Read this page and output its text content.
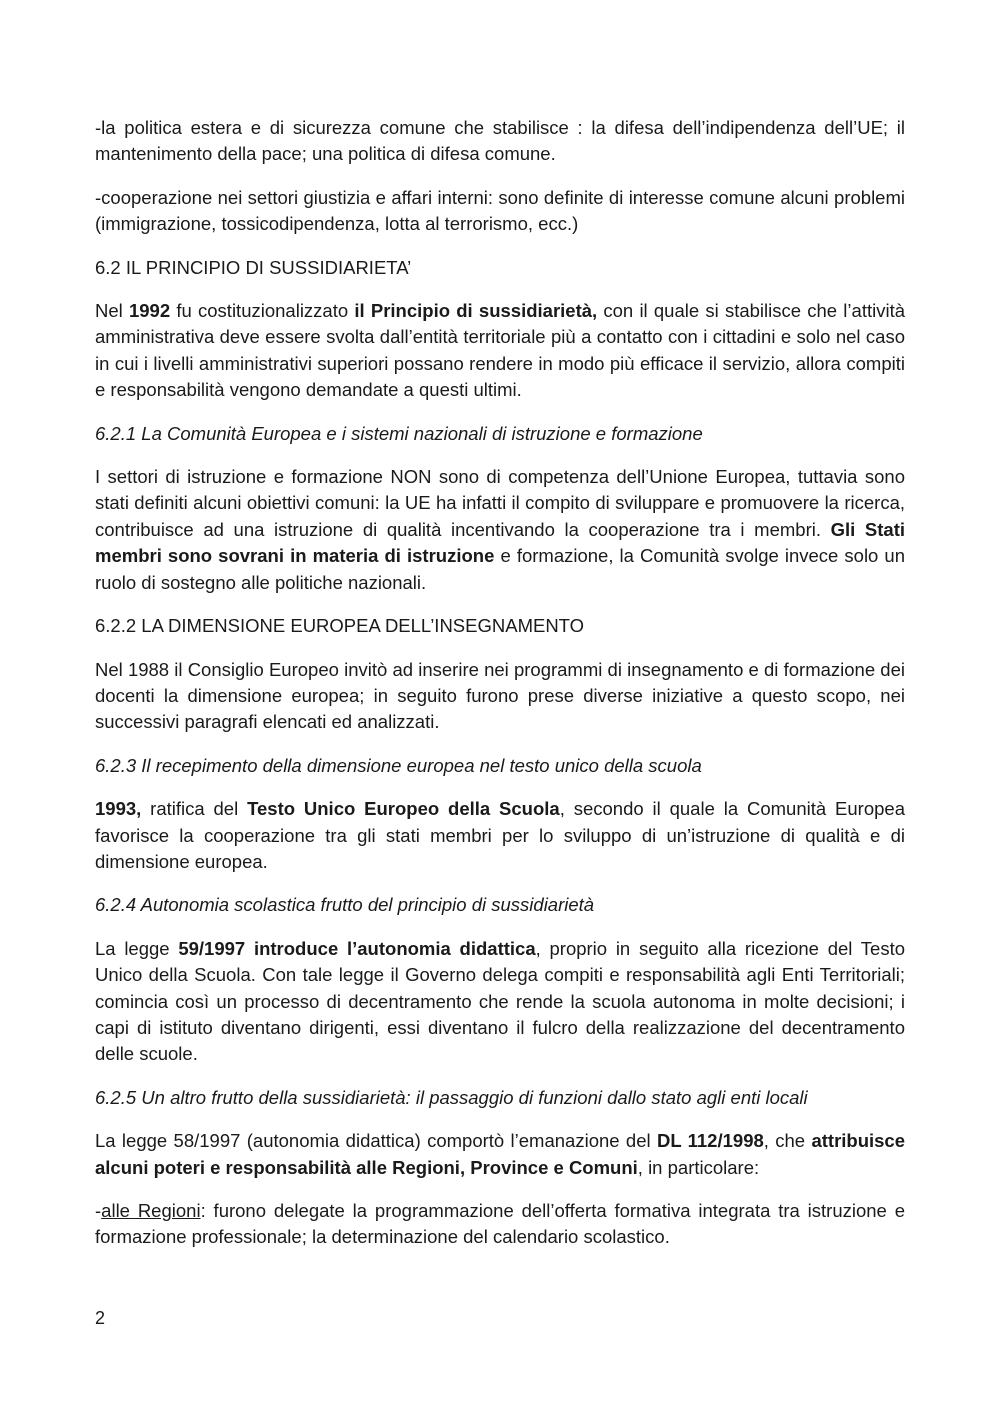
-la politica estera e di sicurezza comune che stabilisce : la difesa dell’indipendenza dell’UE; il mantenimento della pace; una politica di difesa comune.

-cooperazione nei settori giustizia e affari interni: sono definite di interesse comune alcuni problemi (immigrazione, tossicodipendenza, lotta al terrorismo, ecc.)

6.2 IL PRINCIPIO DI SUSSIDIARIETA’

Nel 1992 fu costituzionalizzato il Principio di sussidiarietà, con il quale si stabilisce che l’attività amministrativa deve essere svolta dall’entità territoriale più a contatto con i cittadini e solo nel caso in cui i livelli amministrativi superiori possano rendere in modo più efficace il servizio, allora compiti e responsabilità vengono demandate a questi ultimi.

6.2.1 La Comunità Europea e i sistemi nazionali di istruzione e formazione

I settori di istruzione e formazione NON sono di competenza dell’Unione Europea, tuttavia sono stati definiti alcuni obiettivi comuni: la UE ha infatti il compito di sviluppare e promuovere la ricerca, contribuisce ad una istruzione di qualità incentivando la cooperazione tra i membri. Gli Stati membri sono sovrani in materia di istruzione e formazione, la Comunità svolge invece solo un ruolo di sostegno alle politiche nazionali.

6.2.2 LA DIMENSIONE EUROPEA DELL’INSEGNAMENTO

Nel 1988 il Consiglio Europeo invitò ad inserire nei programmi di insegnamento e di formazione dei docenti la dimensione europea; in seguito furono prese diverse iniziative a questo scopo, nei successivi paragrafi elencati ed analizzati.

6.2.3 Il recepimento della dimensione europea nel testo unico della scuola

1993, ratifica del Testo Unico Europeo della Scuola, secondo il quale la Comunità Europea favorisce la cooperazione tra gli stati membri per lo sviluppo di un’istruzione di qualità e di dimensione europea.

6.2.4 Autonomia scolastica frutto del principio di sussidiarietà

La legge 59/1997 introduce l’autonomia didattica, proprio in seguito alla ricezione del Testo Unico della Scuola. Con tale legge il Governo delega compiti e responsabilità agli Enti Territoriali; comincia così un processo di decentramento che rende la scuola autonoma in molte decisioni; i capi di istituto diventano dirigenti, essi diventano il fulcro della realizzazione del decentramento delle scuole.

6.2.5 Un altro frutto della sussidiarietà: il passaggio di funzioni dallo stato agli enti locali

La legge 58/1997 (autonomia didattica) comportò l’emanazione del DL 112/1998, che attribuisce alcuni poteri e responsabilità alle Regioni, Province e Comuni, in particolare:

-alle Regioni: furono delegate la programmazione dell’offerta formativa integrata tra istruzione e formazione professionale; la determinazione del calendario scolastico.

2
